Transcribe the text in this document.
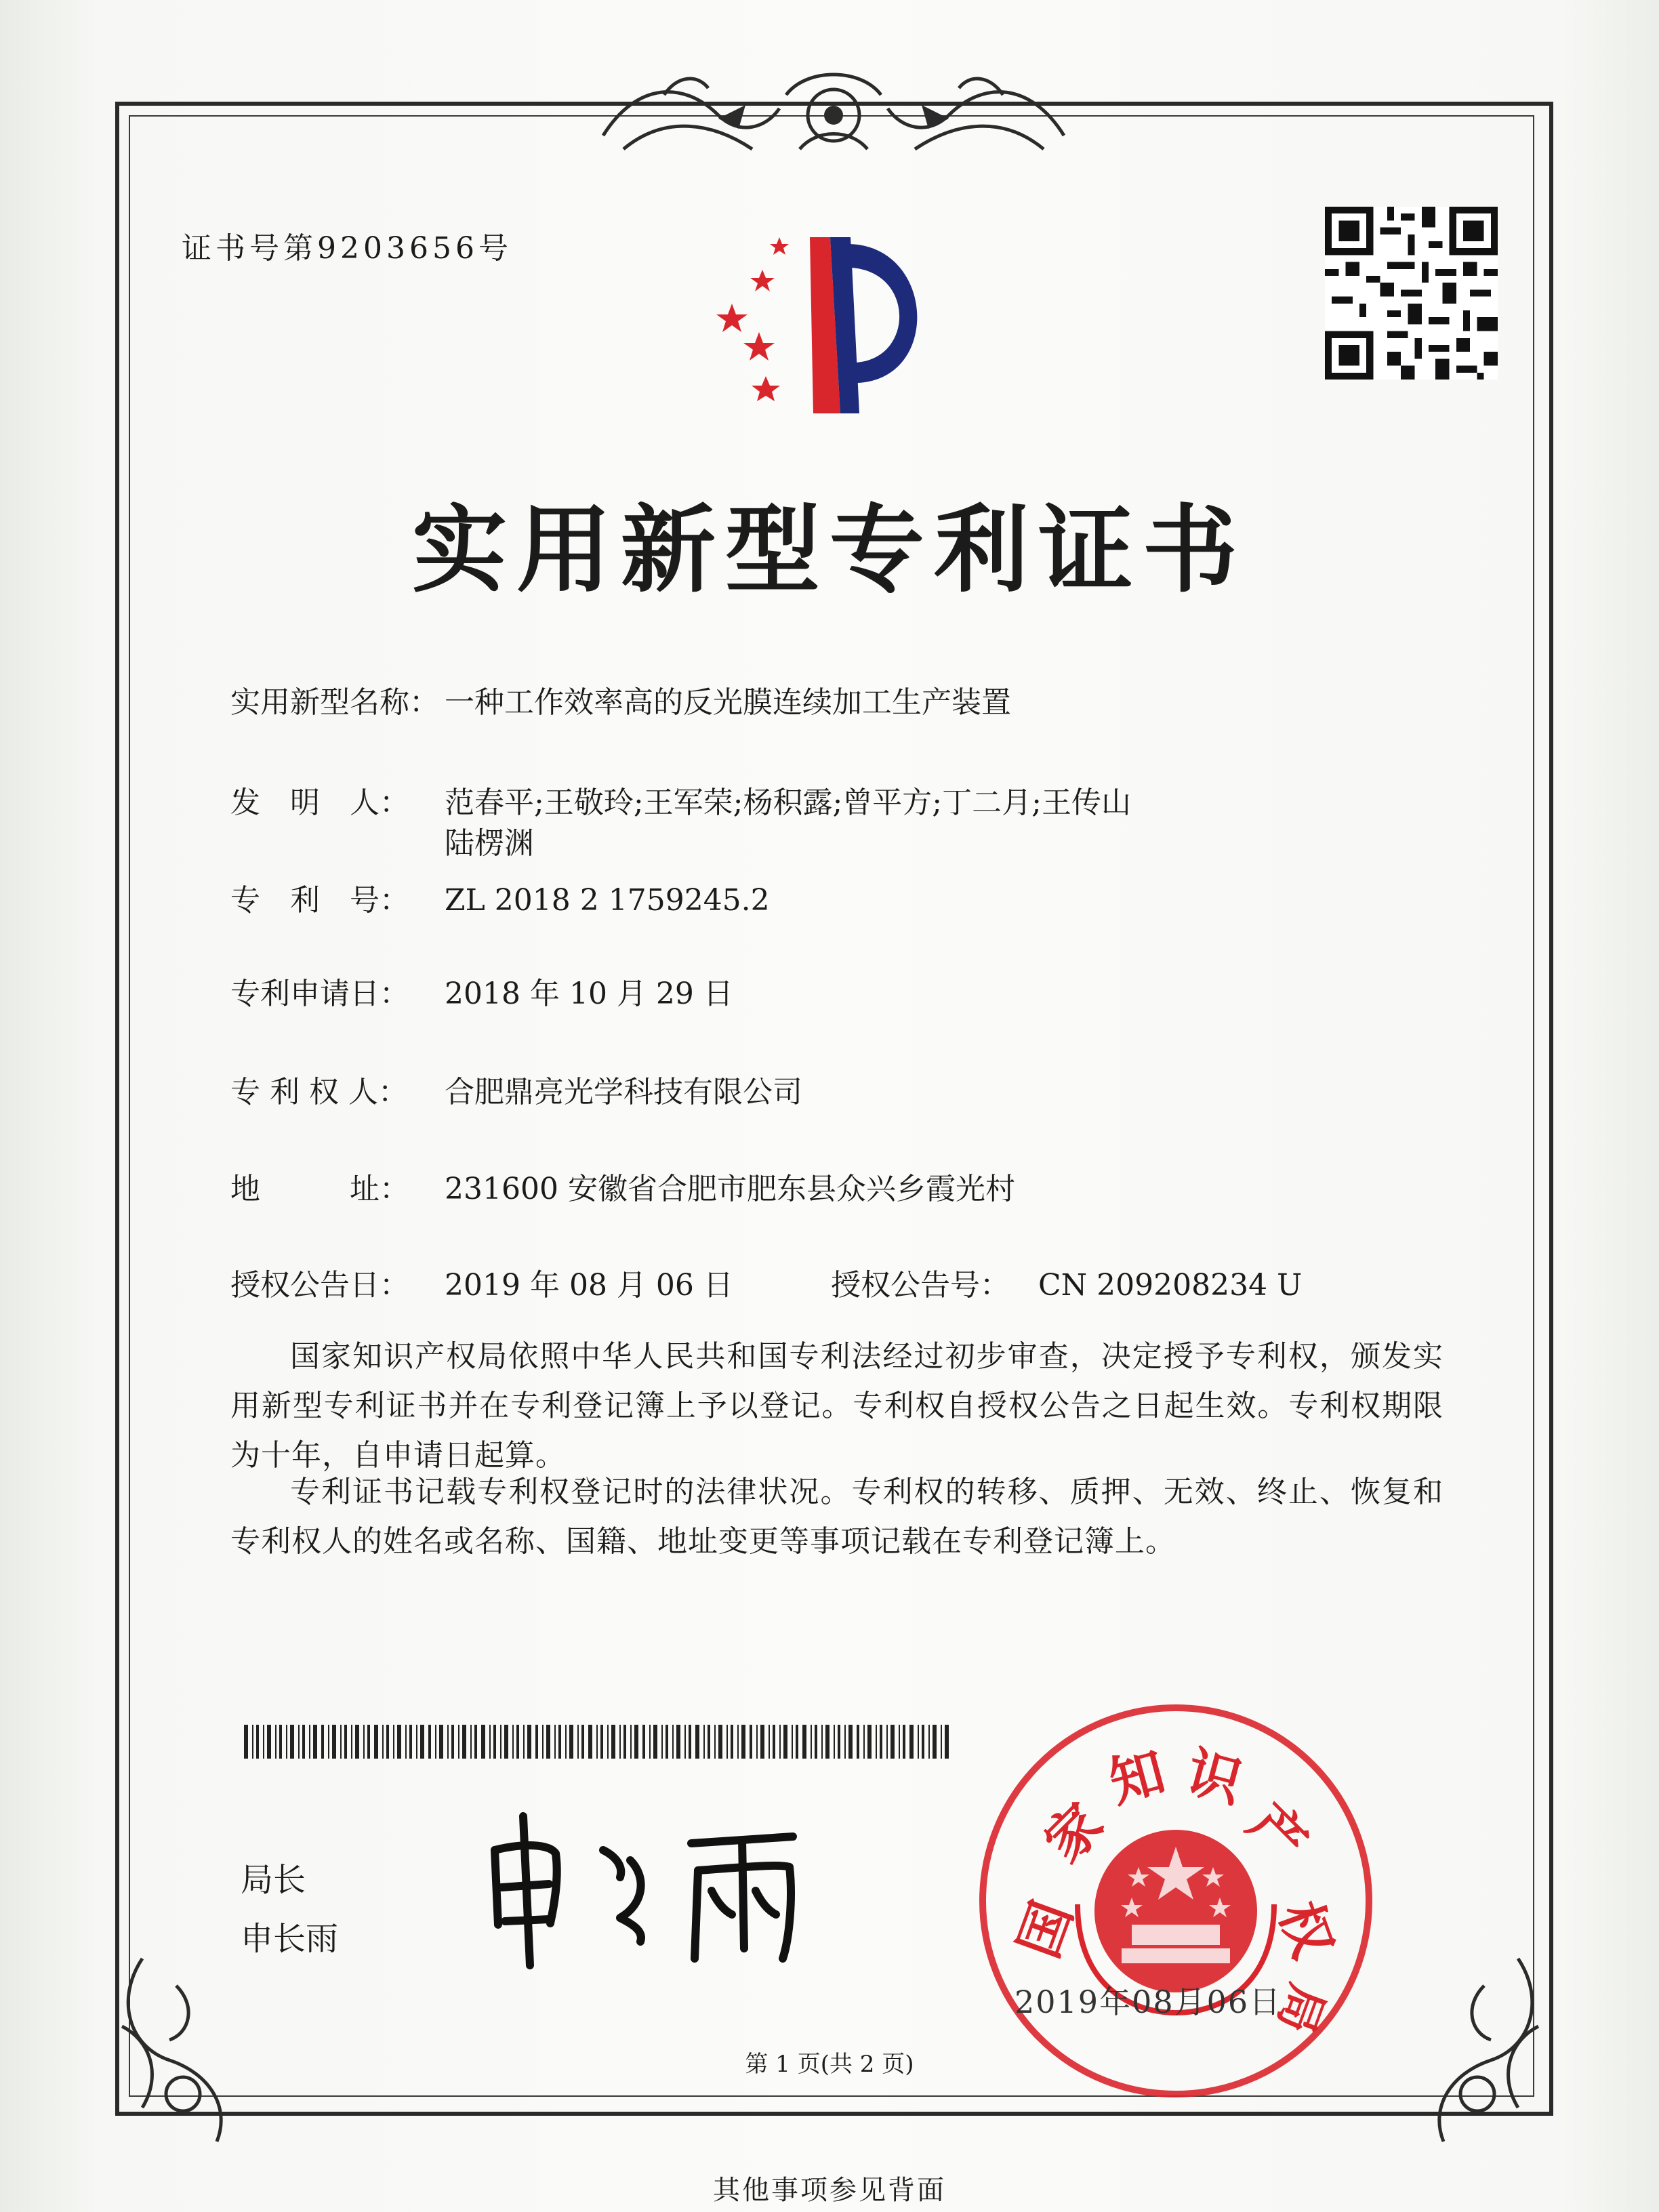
证书号第9203656号
实用新型专利证书
实用新型名称： 一种工作效率高的反光膜连续加工生产装置
发　明　人： 范春平;王敬玲;王军荣;杨积露;曾平方;丁二月;王传山
陆楞渊
专　利　号： ZL 2018 2 1759245.2
专利申请日： 2018 年 10 月 29 日
专 利 权 人： 合肥鼎亮光学科技有限公司
地　　　址： 231600 安徽省合肥市肥东县众兴乡霞光村
授权公告日： 2019 年 08 月 06 日	授权公告号： CN 209208234 U
国家知识产权局依照中华人民共和国专利法经过初步审查，决定授予专利权，颁发实用新型专利证书并在专利登记簿上予以登记。专利权自授权公告之日起生效。专利权期限为十年，自申请日起算。
专利证书记载专利权登记时的法律状况。专利权的转移、质押、无效、终止、恢复和专利权人的姓名或名称、国籍、地址变更等事项记载在专利登记簿上。
局长
申长雨	国
家
知 识
产
权
局
2019年08月06日
第 1 页(共 2 页)
其他事项参见背面
